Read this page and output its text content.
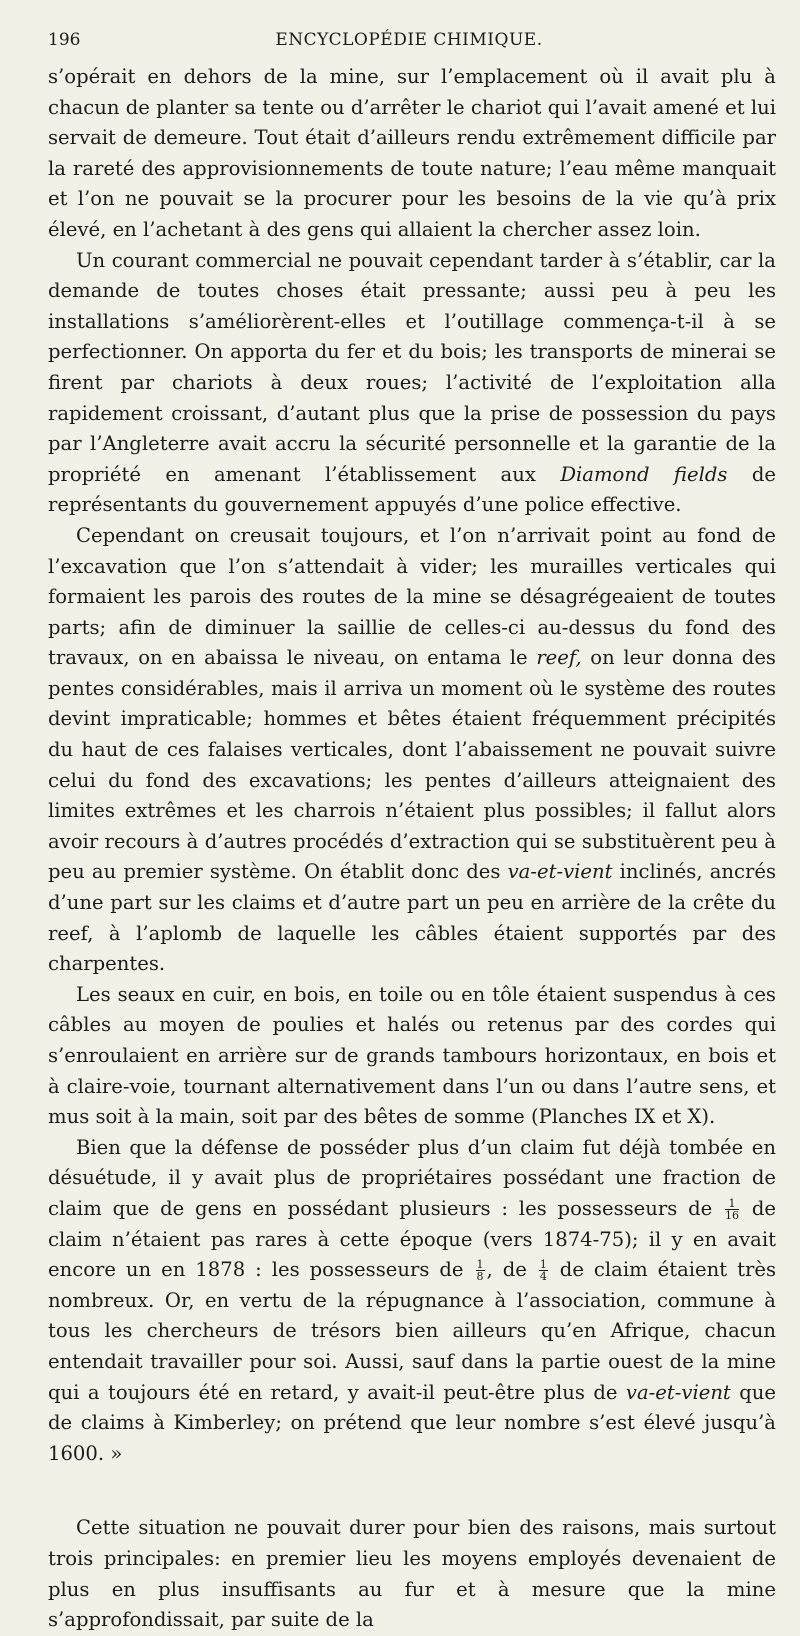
196	ENCYCLOPÉDIE CHIMIQUE.

s’opérait en dehors de la mine, sur l’emplacement où il avait plu à chacun de planter sa tente ou d’arrêter le chariot qui l’avait amené et lui servait de demeure. Tout était d’ailleurs rendu extrêmement difficile par la rareté des approvisionnements de toute nature; l’eau même manquait et l’on ne pouvait se la procurer pour les besoins de la vie qu’à prix élevé, en l’achetant à des gens qui allaient la chercher assez loin.

Un courant commercial ne pouvait cependant tarder à s’établir, car la demande de toutes choses était pressante; aussi peu à peu les installations s’améliorèrent-elles et l’outillage commença-t-il à se perfectionner. On apporta du fer et du bois; les transports de minerai se firent par chariots à deux roues; l’activité de l’exploitation alla rapidement croissant, d’autant plus que la prise de possession du pays par l’Angleterre avait accru la sécurité personnelle et la garantie de la propriété en amenant l’établissement aux Diamond fields de représentants du gouvernement appuyés d’une police effective.

Cependant on creusait toujours, et l’on n’arrivait point au fond de l’excavation que l’on s’attendait à vider; les murailles verticales qui formaient les parois des routes de la mine se désagrégeaient de toutes parts; afin de diminuer la saillie de celles-ci au-dessus du fond des travaux, on en abaissa le niveau, on entama le reef, on leur donna des pentes considérables, mais il arriva un moment où le système des routes devint impraticable; hommes et bêtes étaient fréquemment précipités du haut de ces falaises verticales, dont l’abaissement ne pouvait suivre celui du fond des excavations; les pentes d’ailleurs atteignaient des limites extrêmes et les charrois n’étaient plus possibles; il fallut alors avoir recours à d’autres procédés d’extraction qui se substituèrent peu à peu au premier système. On établit donc des va-et-vient inclinés, ancrés d’une part sur les claims et d’autre part un peu en arrière de la crête du reef, à l’aplomb de laquelle les câbles étaient supportés par des charpentes.

Les seaux en cuir, en bois, en toile ou en tôle étaient suspendus à ces câbles au moyen de poulies et halés ou retenus par des cordes qui s’enroulaient en arrière sur de grands tambours horizontaux, en bois et à claire-voie, tournant alternativement dans l’un ou dans l’autre sens, et mus soit à la main, soit par des bêtes de somme (Planches IX et X).

Bien que la défense de posséder plus d’un claim fut déjà tombée en désuétude, il y avait plus de propriétaires possédant une fraction de claim que de gens en possédant plusieurs : les possesseurs de $\frac{1}{16}$ de claim n’étaient pas rares à cette époque (vers 1874-75); il y en avait encore un en 1878 : les possesseurs de $\frac{1}{8}$ , de $\frac{1}{4}$ de claim étaient très nombreux. Or, en vertu de la répugnance à l’association, commune à tous les chercheurs de trésors bien ailleurs qu’en Afrique, chacun entendait travailler pour soi. Aussi, sauf dans la partie ouest de la mine qui a toujours été en retard, y avait-il peut-être plus de va-et-vient que de claims à Kimberley; on prétend que leur nombre s’est élevé jusqu’à 1600. »

Cette situation ne pouvait durer pour bien des raisons, mais surtout trois principales: en premier lieu les moyens employés devenaient de plus en plus insuffisants au fur et à mesure que la mine s’approfondissait, par suite de la
